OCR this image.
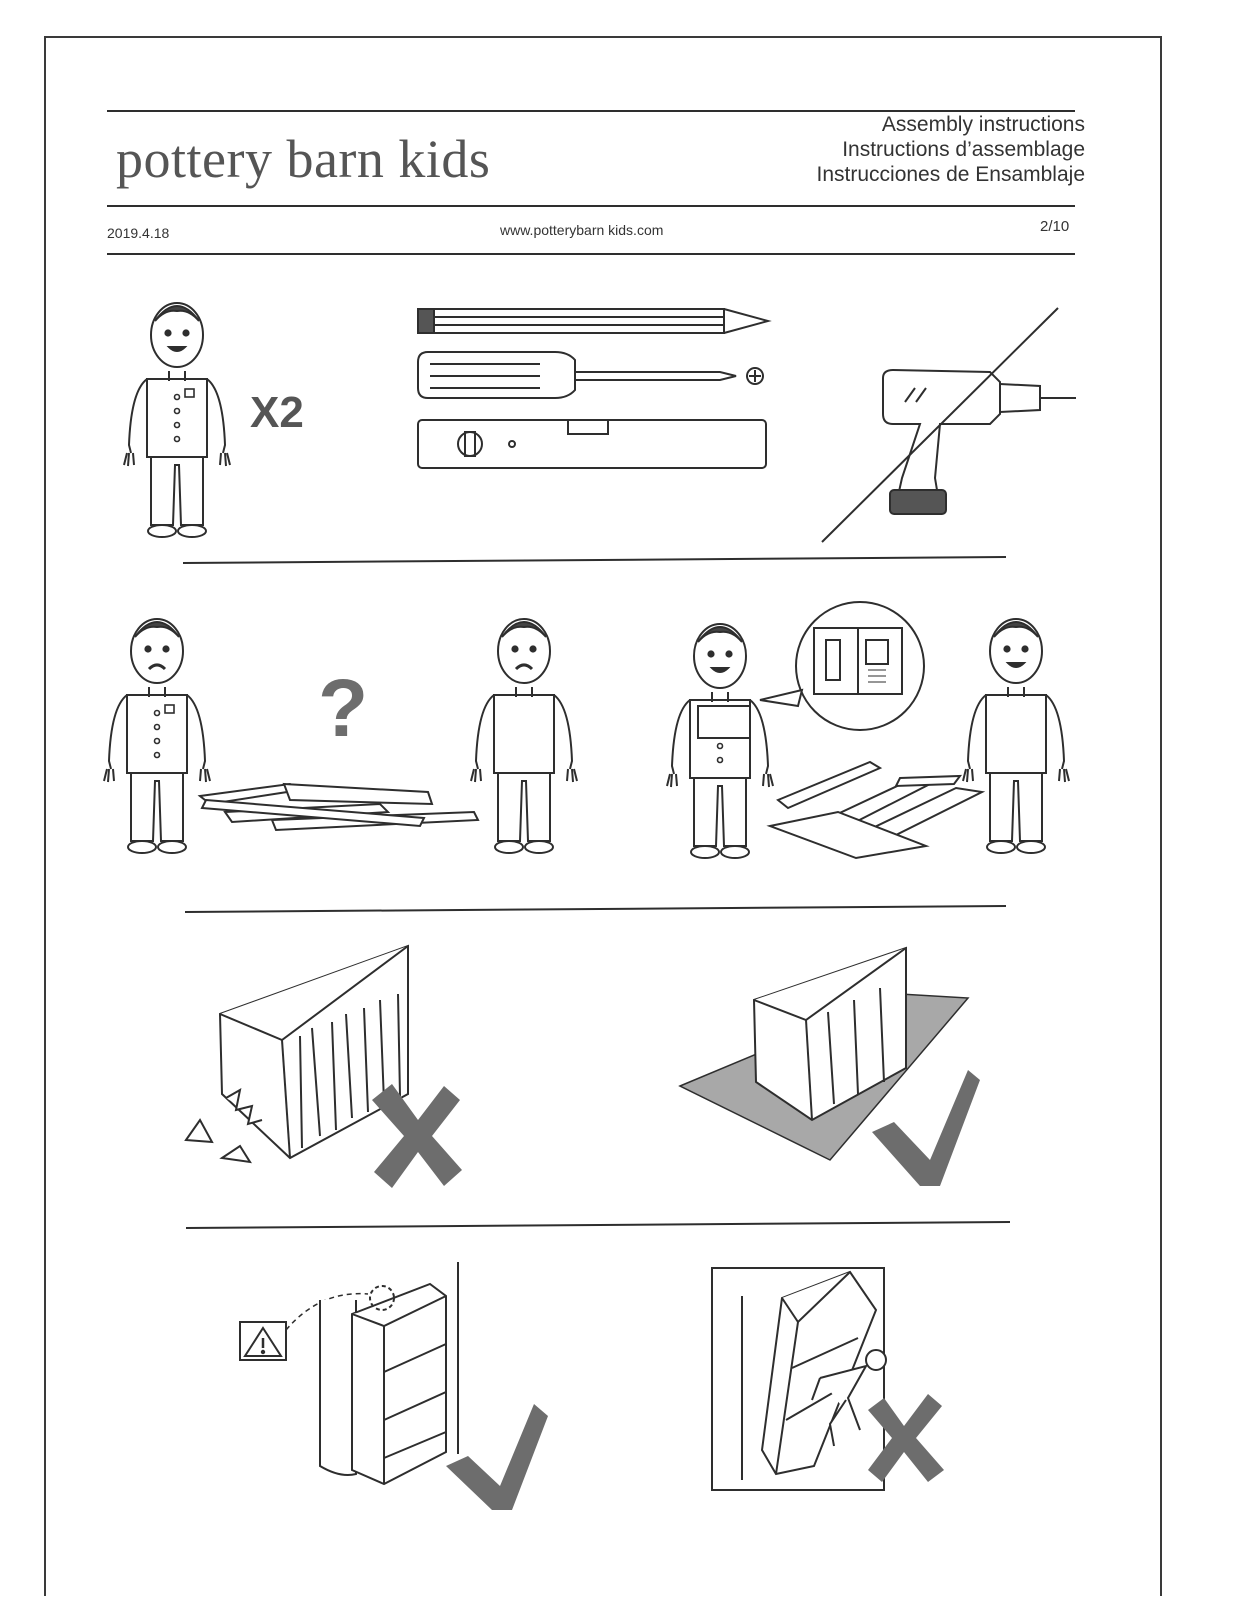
pottery barn kids
Assembly instructions
Instructions d’assemblage
Instrucciones de Ensamblaje
2019.4.18	www.potterybarn kids.com	2/10
X2
?
